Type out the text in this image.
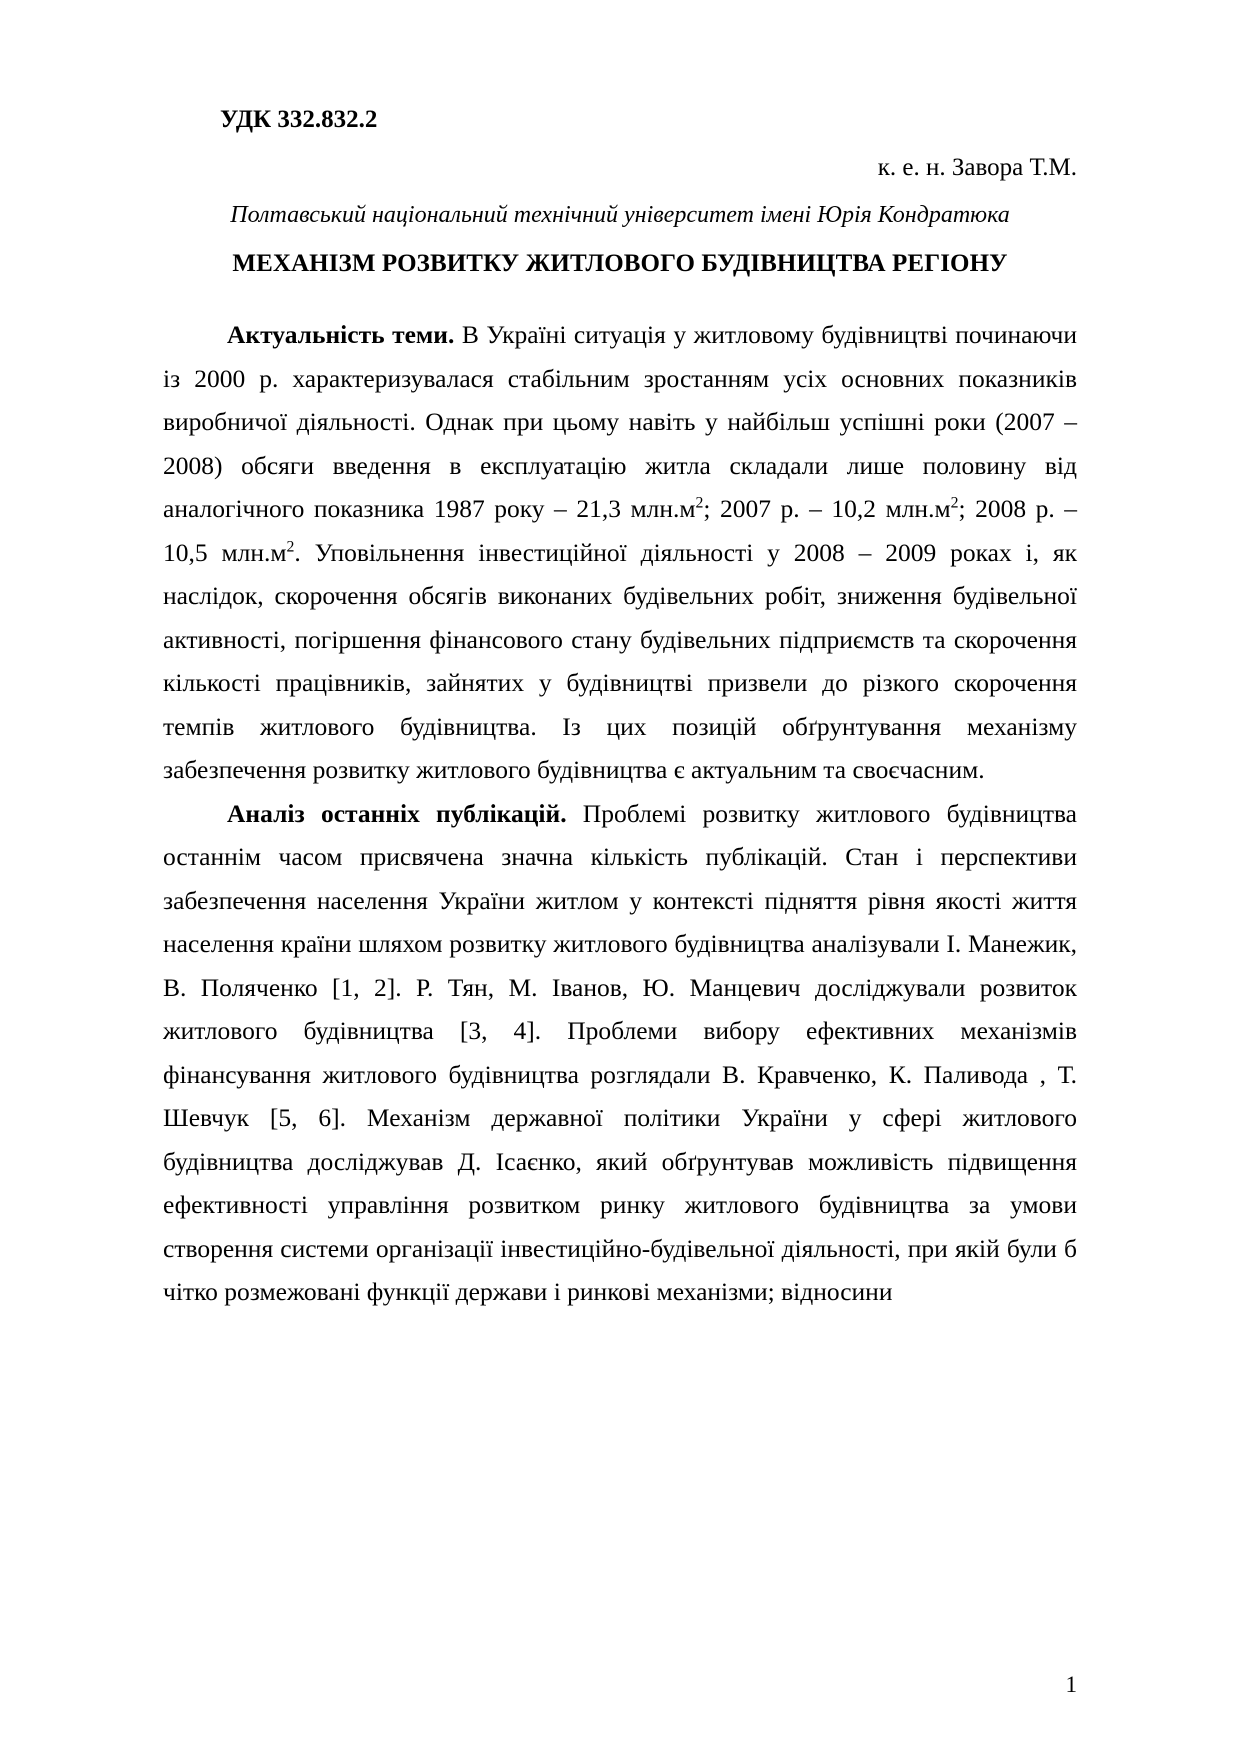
УДК 332.832.2
к. е. н. Завора Т.М.
Полтавський національний технічний університет імені Юрія Кондратюка
МЕХАНІЗМ РОЗВИТКУ ЖИТЛОВОГО БУДІВНИЦТВА РЕГІОНУ

Актуальність теми. В Україні ситуація у житловому будівництві починаючи із 2000 р. характеризувалася стабільним зростанням усіх основних показників виробничої діяльності. Однак при цьому навіть у найбільш успішні роки (2007 – 2008) обсяги введення в експлуатацію житла складали лише половину від аналогічного показника 1987 року – 21,3 $млн.м^2$; 2007 р. – 10,2 $млн.м^2$; 2008 р. – 10,5 $млн.м^2$. Уповільнення інвестиційної діяльності у 2008 – 2009 роках і, як наслідок, скорочення обсягів виконаних будівельних робіт, зниження будівельної активності, погіршення фінансового стану будівельних підприємств та скорочення кількості працівників, зайнятих у будівництві призвели до різкого скорочення темпів житлового будівництва. Із цих позицій обґрунтування механізму забезпечення розвитку житлового будівництва є актуальним та своєчасним.

Аналіз останніх публікацій. Проблемі розвитку житлового будівництва останнім часом присвячена значна кількість публікацій. Стан і перспективи забезпечення населення України житлом у контексті підняття рівня якості життя населення країни шляхом розвитку житлового будівництва аналізували І. Манежик, В. Поляченко [1, 2]. Р. Тян, М. Іванов, Ю. Манцевич досліджували розвиток житлового будівництва [3, 4]. Проблеми вибору ефективних механізмів фінансування житлового будівництва розглядали В. Кравченко, К. Паливода , Т. Шевчук [5, 6]. Механізм державної політики України у сфері житлового будівництва досліджував Д. Ісаєнко, який обґрунтував можливість підвищення ефективності управління розвитком ринку житлового будівництва за умови створення системи організації інвестиційно-будівельної діяльності, при якій були б чітко розмежовані функції держави і ринкові механізми; відносини

1
